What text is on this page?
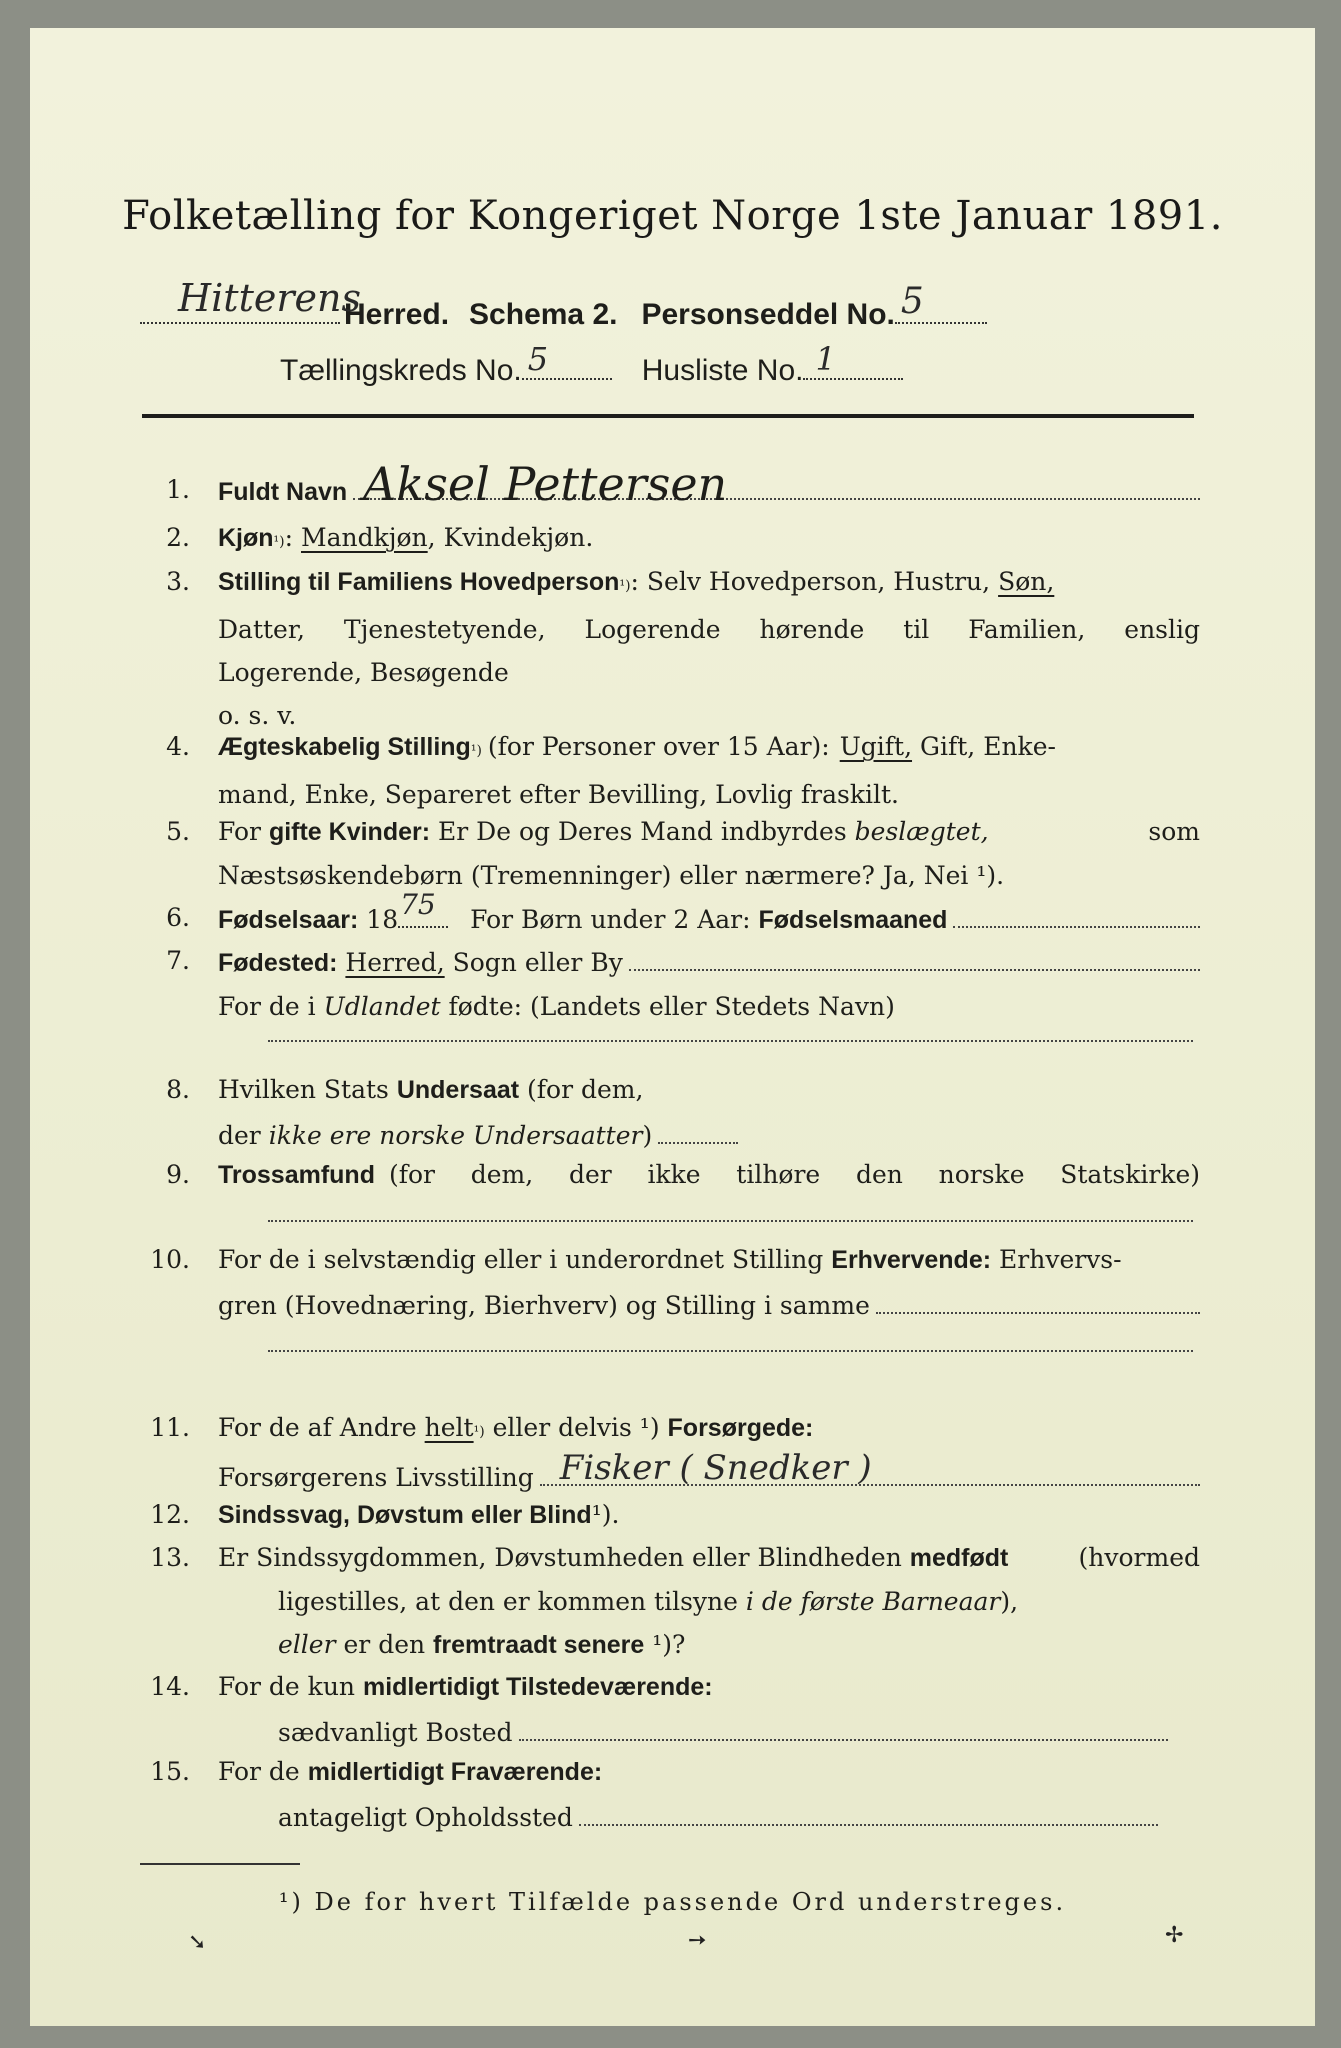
Folketælling for Kongeriget Norge 1ste Januar 1891.
Hitterens
Herred. Schema 2. Personseddel No. 5
Tællingskreds No. 5	Husliste No. 1
1. Fuldt Navn Aksel Pettersen
2. Kjøn ¹) : Mandkjøn , Kvindekjøn.
3. Stilling til Familiens Hovedperson ¹) : Selv Hovedperson, Hustru, Søn,
Datter, Tjenestetyende, Logerende hørende til Familien, enslig
Logerende, Besøgende
o. s. v.
4. Ægteskabelig Stilling ¹) (for Personer over 15 Aar): Ugift, Gift, Enke-
mand, Enke, Separeret efter Bevilling, Lovlig fraskilt.
5. For
gifte Kvinder:
Er De og Deres Mand indbyrdes
beslægtet,	som
Næstsøskendebørn (Tremenninger) eller nærmere? Ja, Nei ¹).
6. Fødselsaar:
18 75 For Børn under 2 Aar:
Fødselsmaaned
7. Fødested:
Herred,
Sogn eller By
For de i
Udlandet
fødte: (Landets eller Stedets Navn)
8. Hvilken Stats
Undersaat
(for dem,
der
ikke ere norske Undersaatter )
9. Trossamfund (for dem, der ikke tilhøre den norske Statskirke)
10. For de i selvstændig eller i underordnet Stilling
Erhvervende:
Erhvervs-
gren (Hovednæring, Bierhverv) og Stilling i samme
11. For de af Andre
helt$_{^1)}$
eller delvis ¹)
Forsørgede:
Forsørgerens Livsstilling Fisker ( Snedker )
12. Sindssvag, Døvstum eller Blind ¹).
13. Er Sindssygdommen, Døvstumheden eller Blindheden
medfødt	(hvormed
ligestilles, at den er kommen tilsyne
i de første Barneaar ),
eller
er den
fremtraadt senere
¹)?
14. For de kun
midlertidigt Tilstedeværende:
sædvanligt Bosted
15. For de
midlertidigt Fraværende:
antageligt Opholdssted
¹) De for hvert Tilfælde passende Ord understreges.
➘	➙	✢
